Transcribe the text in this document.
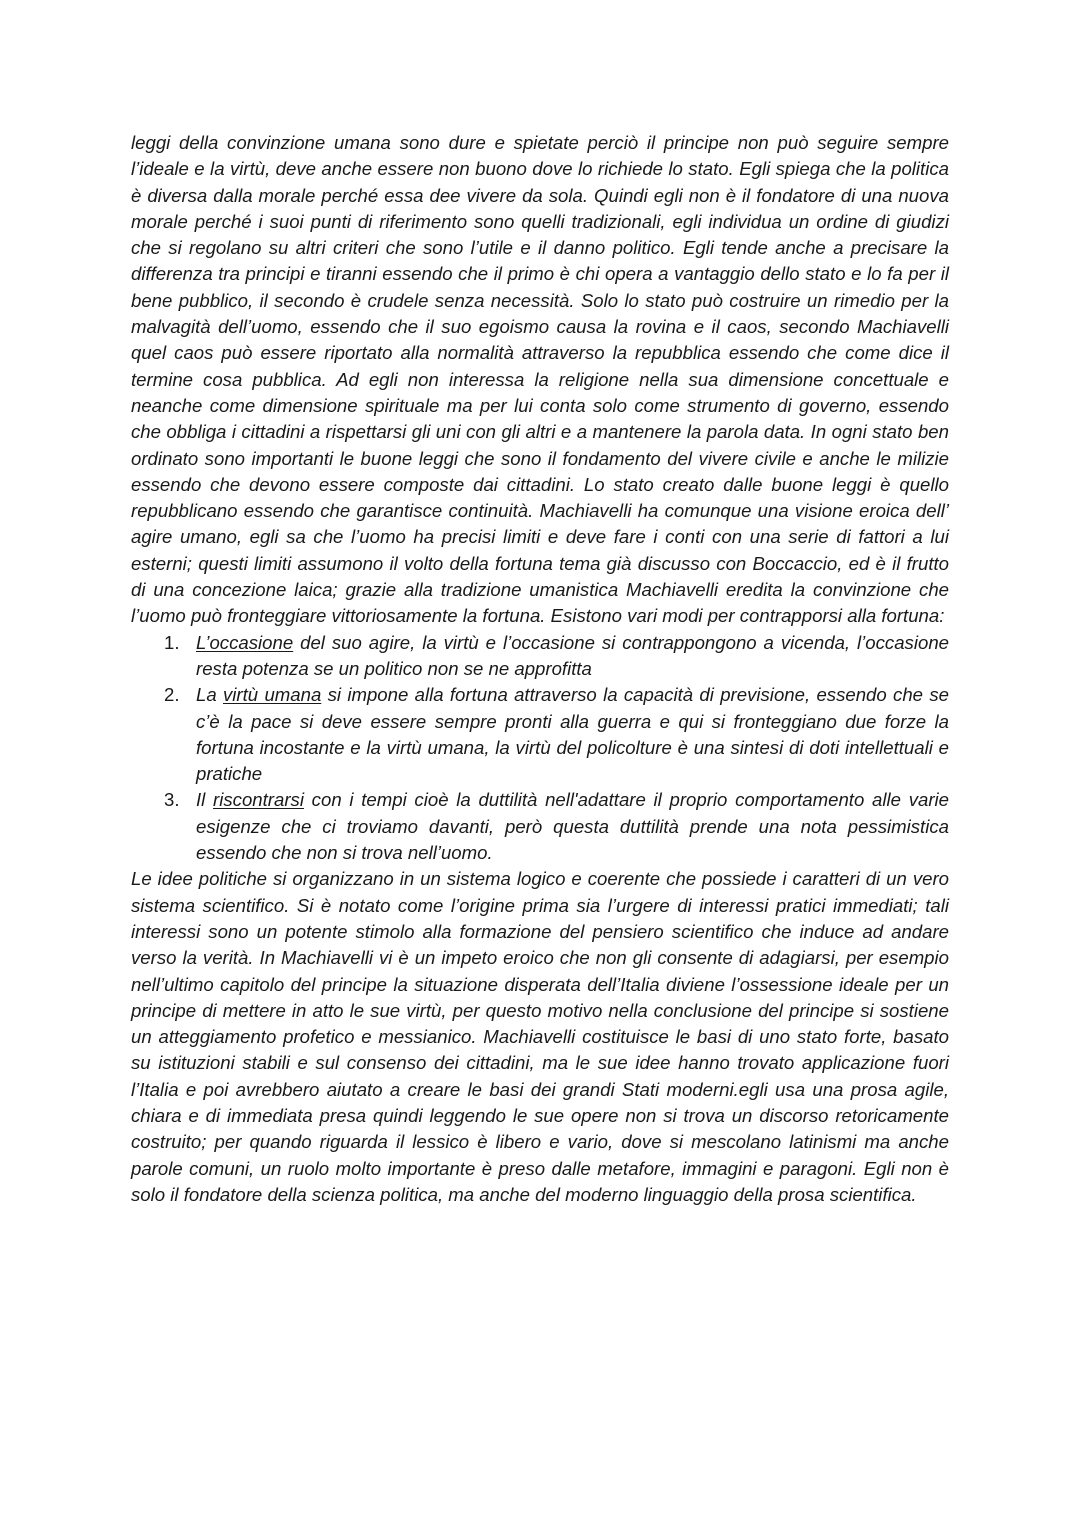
leggi della convinzione umana sono dure e spietate perciò il principe non può seguire sempre l’ideale e la virtù, deve anche essere non buono dove lo richiede lo stato. Egli spiega che la politica è diversa dalla morale perché essa dee vivere da sola. Quindi egli non è il fondatore di una nuova morale perché i suoi punti di riferimento sono quelli tradizionali, egli individua un ordine di giudizi che si regolano su altri criteri che sono l’utile e il danno politico. Egli tende anche a precisare la differenza tra principi e tiranni essendo che il primo è chi opera a vantaggio dello stato e lo fa per il bene pubblico, il secondo è crudele senza necessità. Solo lo stato può costruire un rimedio per la malvagità dell’uomo, essendo che il suo egoismo causa la rovina e il caos, secondo Machiavelli quel caos può essere riportato alla normalità attraverso la repubblica essendo che come dice il termine cosa pubblica. Ad egli non interessa la religione nella sua dimensione concettuale e neanche come dimensione spirituale ma per lui conta solo come strumento di governo, essendo che obbliga i cittadini a rispettarsi gli uni con gli altri e a mantenere la parola data. In ogni stato ben ordinato sono importanti le buone leggi che sono il fondamento del vivere civile e anche le milizie essendo che devono essere composte dai cittadini. Lo stato creato dalle buone leggi è quello repubblicano essendo che garantisce continuità. Machiavelli ha comunque una visione eroica dell’ agire umano, egli sa che l’uomo ha precisi limiti e deve fare i conti con una serie di fattori a lui esterni; questi limiti assumono il volto della fortuna tema già discusso con Boccaccio, ed è il frutto di una concezione laica; grazie alla tradizione umanistica Machiavelli eredita la convinzione che l’uomo può fronteggiare vittoriosamente la fortuna. Esistono vari modi per contrapporsi alla fortuna:

1. L’occasione del suo agire, la virtù e l’occasione si contrappongono a vicenda, l’occasione resta potenza se un politico non se ne approfitta
2. La virtù umana si impone alla fortuna attraverso la capacità di previsione, essendo che se c’è la pace si deve essere sempre pronti alla guerra e qui si fronteggiano due forze la fortuna incostante e la virtù umana, la virtù del policolture è una sintesi di doti intellettuali e pratiche
3. Il riscontrarsi con i tempi cioè la duttilità nell'adattare il proprio comportamento alle varie esigenze che ci troviamo davanti, però questa duttilità prende una nota pessimistica essendo che non si trova nell’uomo.

Le idee politiche si organizzano in un sistema logico e coerente che possiede i caratteri di un vero sistema scientifico. Si è notato come l’origine prima sia l’urgere di interessi pratici immediati; tali interessi sono un potente stimolo alla formazione del pensiero scientifico che induce ad andare verso la verità. In Machiavelli vi è un impeto eroico che non gli consente di adagiarsi, per esempio nell’ultimo capitolo del principe la situazione disperata dell’Italia diviene l’ossessione ideale per un principe di mettere in atto le sue virtù, per questo motivo nella conclusione del principe si sostiene un atteggiamento profetico e messianico. Machiavelli costituisce le basi di uno stato forte, basato su istituzioni stabili e sul consenso dei cittadini, ma le sue idee hanno trovato applicazione fuori l’Italia e poi avrebbero aiutato a creare le basi dei grandi Stati moderni.egli usa una prosa agile, chiara e di immediata presa quindi leggendo le sue opere non si trova un discorso retoricamente costruito; per quando riguarda il lessico è libero e vario, dove si mescolano latinismi ma anche parole comuni, un ruolo molto importante è preso dalle metafore, immagini e paragoni. Egli non è solo il fondatore della scienza politica, ma anche del moderno linguaggio della prosa scientifica.
